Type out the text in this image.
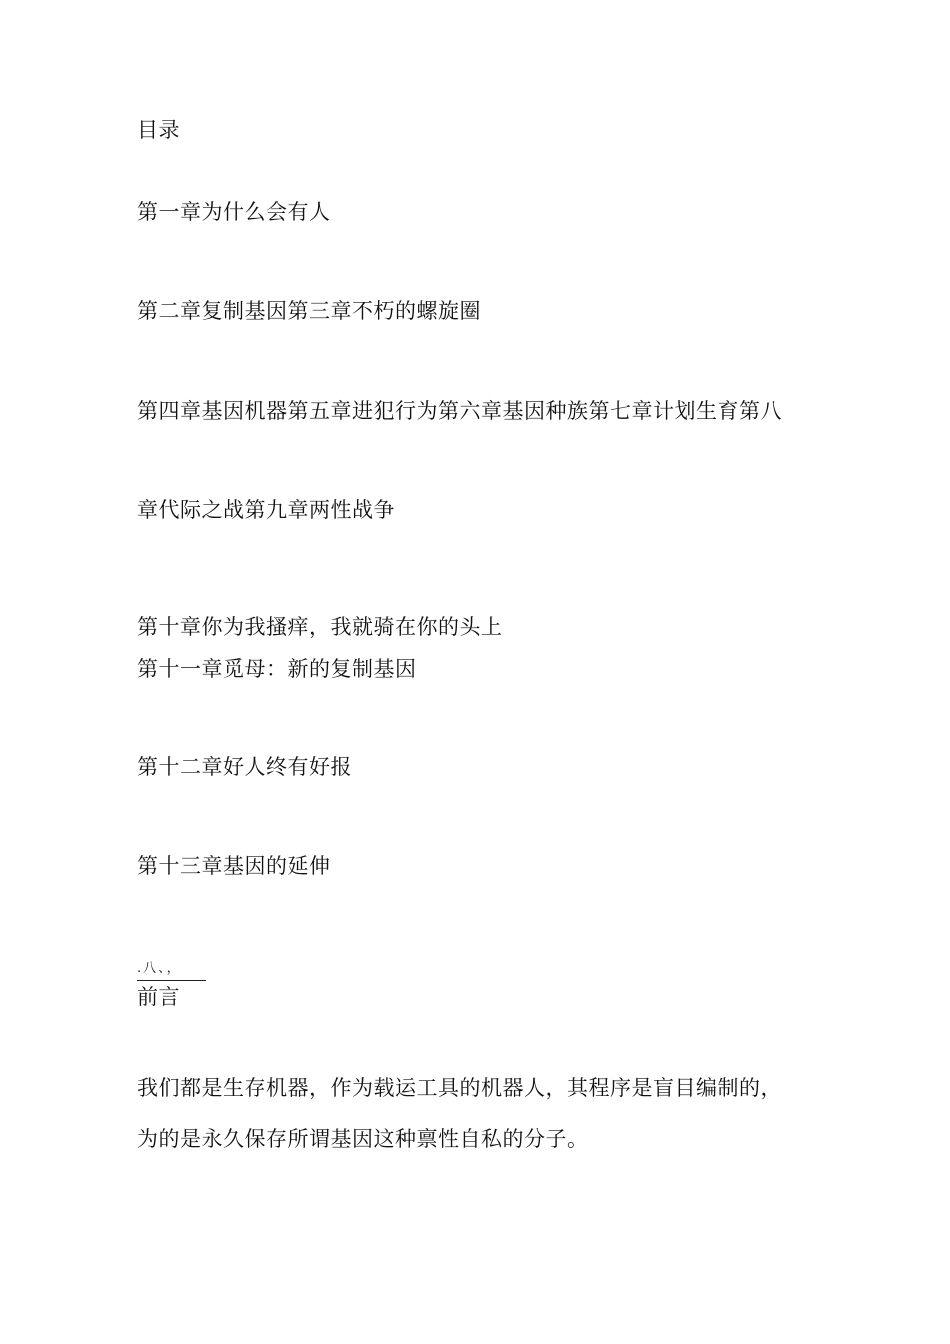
目录
第一章为什么会有人
第二章复制基因第三章不朽的螺旋圈
第四章基因机器第五章进犯行为第六章基因种族第七章计划生育第八
章代际之战第九章两性战争
第十章你为我搔痒，我就骑在你的头上
第十一章觅母：新的复制基因
第十二章好人终有好报
第十三章基因的延伸
.八、，
前言
我们都是生存机器，作为载运工具的机器人，其程序是盲目编制的，
为的是永久保存所谓基因这种禀性自私的分子。
